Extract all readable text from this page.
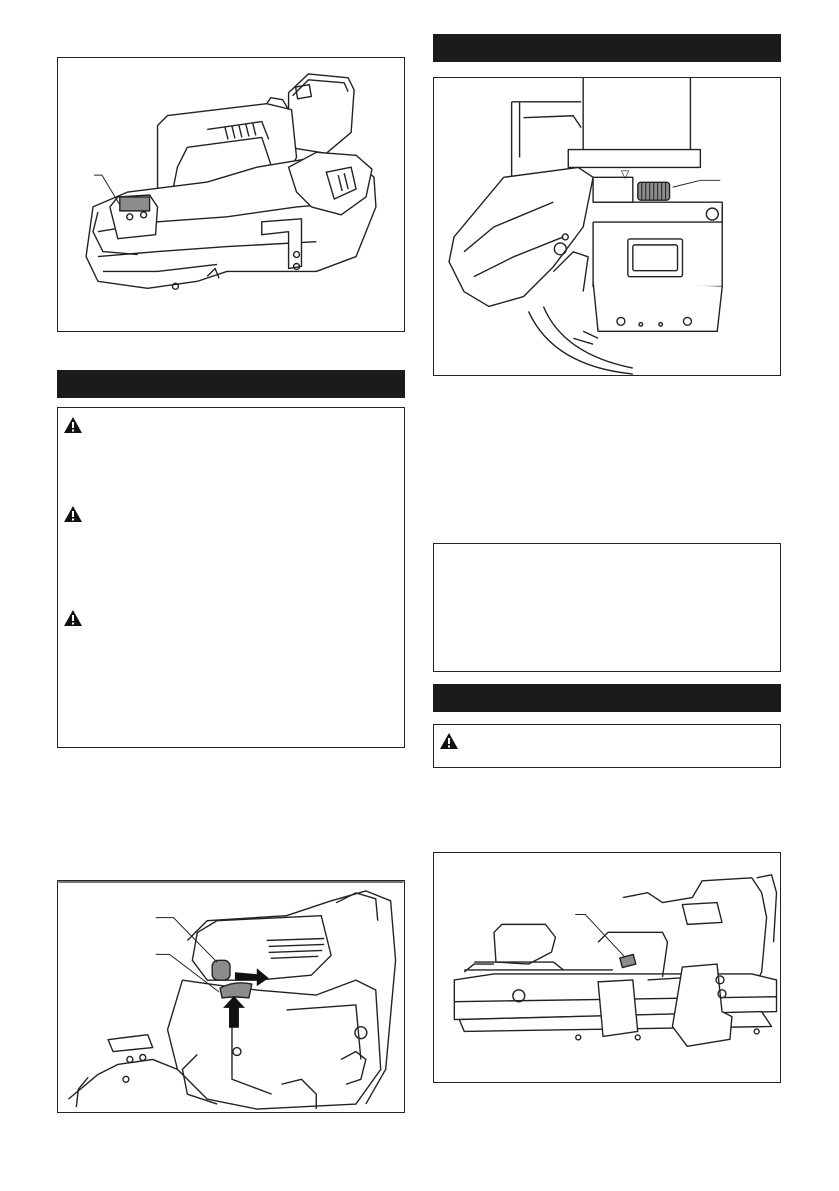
▽
